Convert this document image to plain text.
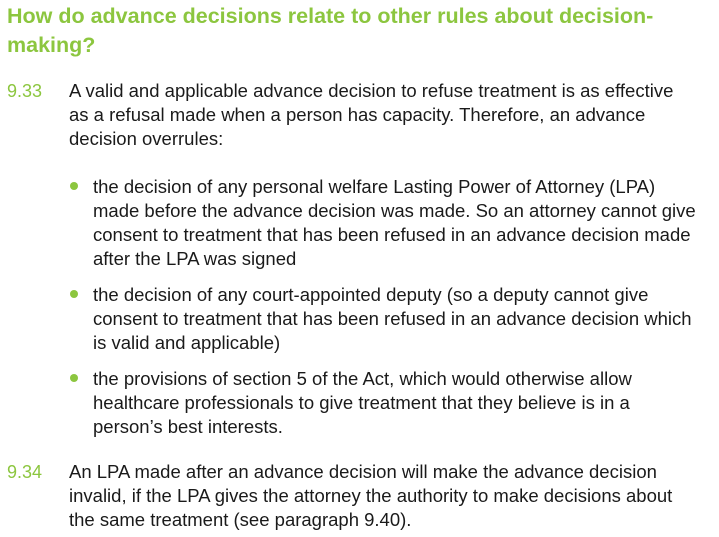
How do advance decisions relate to other rules about decision-making?
9.33 A valid and applicable advance decision to refuse treatment is as effective as a refusal made when a person has capacity. Therefore, an advance decision overrules:
the decision of any personal welfare Lasting Power of Attorney (LPA) made before the advance decision was made. So an attorney cannot give consent to treatment that has been refused in an advance decision made after the LPA was signed
the decision of any court-appointed deputy (so a deputy cannot give consent to treatment that has been refused in an advance decision which is valid and applicable)
the provisions of section 5 of the Act, which would otherwise allow healthcare professionals to give treatment that they believe is in a person’s best interests.
9.34 An LPA made after an advance decision will make the advance decision invalid, if the LPA gives the attorney the authority to make decisions about the same treatment (see paragraph 9.40).
